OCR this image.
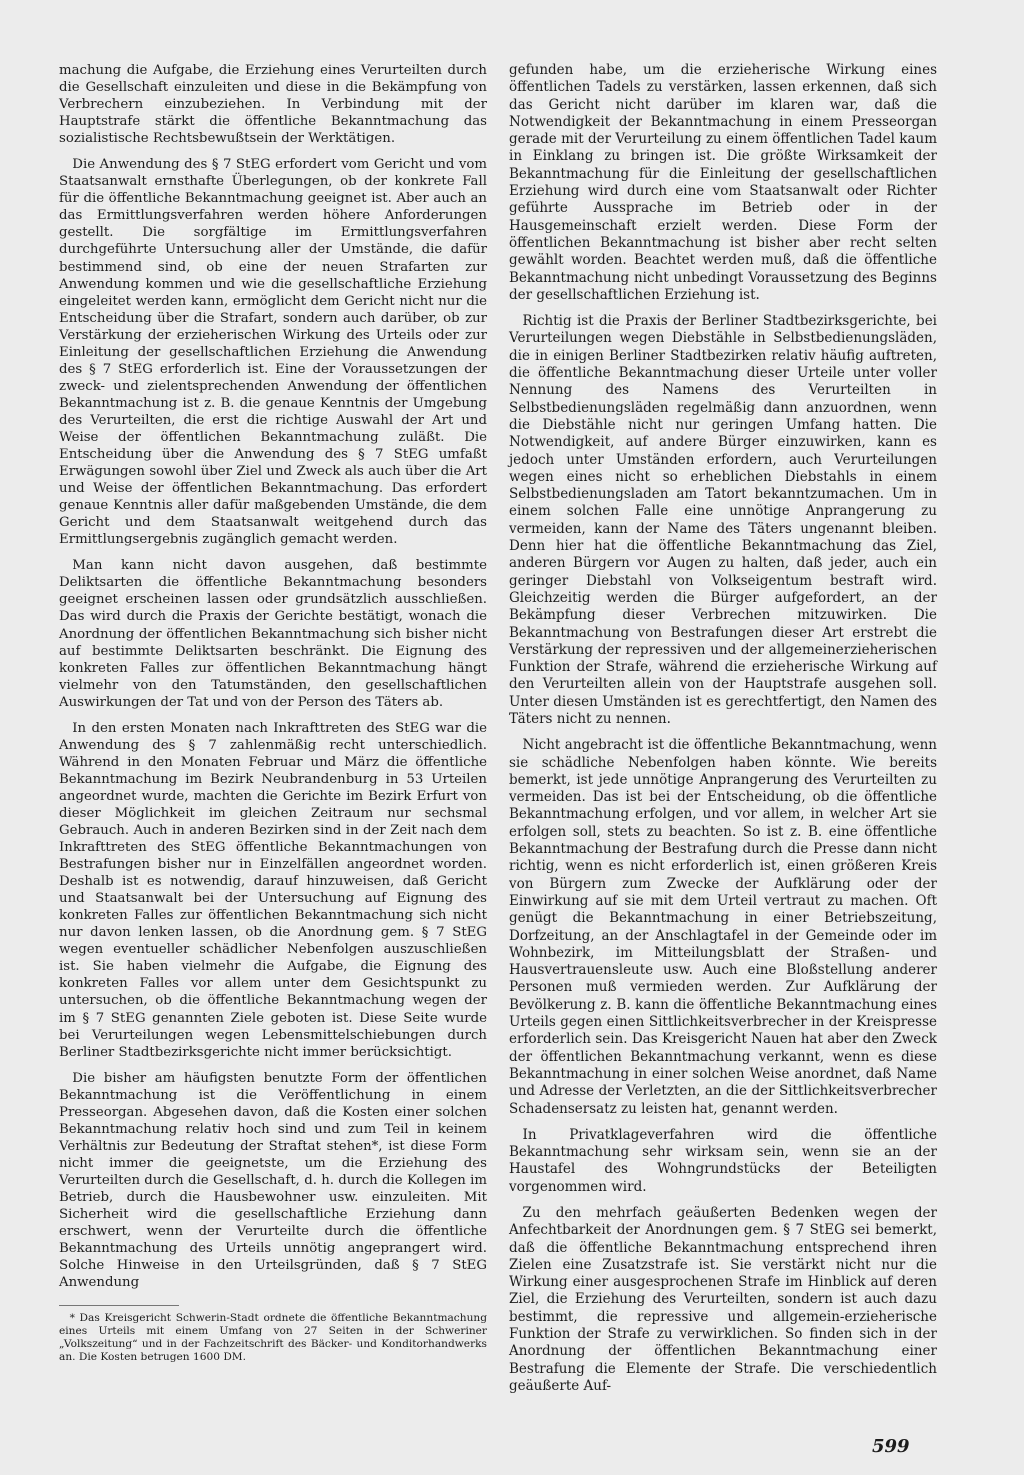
machung die Aufgabe, die Erziehung eines Verurteilten durch die Gesellschaft einzuleiten und diese in die Bekämpfung von Verbrechern einzubeziehen. In Verbindung mit der Hauptstrafe stärkt die öffentliche Bekanntmachung das sozialistische Rechtsbewußtsein der Werktätigen.

Die Anwendung des § 7 StEG erfordert vom Gericht und vom Staatsanwalt ernsthafte Überlegungen, ob der konkrete Fall für die öffentliche Bekanntmachung geeignet ist. Aber auch an das Ermittlungsverfahren werden höhere Anforderungen gestellt. Die sorgfältige im Ermittlungsverfahren durchgeführte Untersuchung aller der Umstände, die dafür bestimmend sind, ob eine der neuen Strafarten zur Anwendung kommen und wie die gesellschaftliche Erziehung eingeleitet werden kann, ermöglicht dem Gericht nicht nur die Entscheidung über die Strafart, sondern auch darüber, ob zur Verstärkung der erzieherischen Wirkung des Urteils oder zur Einleitung der gesellschaftlichen Erziehung die Anwendung des § 7 StEG erforderlich ist. Eine der Voraussetzungen der zweck- und zielentsprechenden Anwendung der öffentlichen Bekanntmachung ist z. B. die genaue Kenntnis der Umgebung des Verurteilten, die erst die richtige Auswahl der Art und Weise der öffentlichen Bekanntmachung zuläßt. Die Entscheidung über die Anwendung des § 7 StEG umfaßt Erwägungen sowohl über Ziel und Zweck als auch über die Art und Weise der öffentlichen Bekanntmachung. Das erfordert genaue Kenntnis aller dafür maßgebenden Umstände, die dem Gericht und dem Staatsanwalt weitgehend durch das Ermittlungsergebnis zugänglich gemacht werden.

Man kann nicht davon ausgehen, daß bestimmte Deliktsarten die öffentliche Bekanntmachung besonders geeignet erscheinen lassen oder grundsätzlich ausschließen. Das wird durch die Praxis der Gerichte bestätigt, wonach die Anordnung der öffentlichen Bekanntmachung sich bisher nicht auf bestimmte Deliktsarten beschränkt. Die Eignung des konkreten Falles zur öffentlichen Bekanntmachung hängt vielmehr von den Tatumständen, den gesellschaftlichen Auswirkungen der Tat und von der Person des Täters ab.

In den ersten Monaten nach Inkrafttreten des StEG war die Anwendung des § 7 zahlenmäßig recht unterschiedlich. Während in den Monaten Februar und März die öffentliche Bekanntmachung im Bezirk Neubrandenburg in 53 Urteilen angeordnet wurde, machten die Gerichte im Bezirk Erfurt von dieser Möglichkeit im gleichen Zeitraum nur sechsmal Gebrauch. Auch in anderen Bezirken sind in der Zeit nach dem Inkrafttreten des StEG öffentliche Bekanntmachungen von Bestrafungen bisher nur in Einzelfällen angeordnet worden. Deshalb ist es notwendig, darauf hinzuweisen, daß Gericht und Staatsanwalt bei der Untersuchung auf Eignung des konkreten Falles zur öffentlichen Bekanntmachung sich nicht nur davon lenken lassen, ob die Anordnung gem. § 7 StEG wegen eventueller schädlicher Nebenfolgen auszuschließen ist. Sie haben vielmehr die Aufgabe, die Eignung des konkreten Falles vor allem unter dem Gesichtspunkt zu untersuchen, ob die öffentliche Bekanntmachung wegen der im § 7 StEG genannten Ziele geboten ist. Diese Seite wurde bei Verurteilungen wegen Lebensmittelschiebungen durch Berliner Stadtbezirksgerichte nicht immer berücksichtigt.

Die bisher am häufigsten benutzte Form der öffentlichen Bekanntmachung ist die Veröffentlichung in einem Presseorgan. Abgesehen davon, daß die Kosten einer solchen Bekanntmachung relativ hoch sind und zum Teil in keinem Verhältnis zur Bedeutung der Straftat stehen*, ist diese Form nicht immer die geeignetste, um die Erziehung des Verurteilten durch die Gesellschaft, d. h. durch die Kollegen im Betrieb, durch die Hausbewohner usw. einzuleiten. Mit Sicherheit wird die gesellschaftliche Erziehung dann erschwert, wenn der Verurteilte durch die öffentliche Bekanntmachung des Urteils unnötig angeprangert wird. Solche Hinweise in den Urteilsgründen, daß § 7 StEG Anwendung

* Das Kreisgericht Schwerin-Stadt ordnete die öffentliche Bekanntmachung eines Urteils mit einem Umfang von 27 Seiten in der Schweriner „Volkszeitung“ und in der Fachzeitschrift des Bäcker- und Konditorhandwerks an. Die Kosten betrugen 1600 DM.

gefunden habe, um die erzieherische Wirkung eines öffentlichen Tadels zu verstärken, lassen erkennen, daß sich das Gericht nicht darüber im klaren war, daß die Notwendigkeit der Bekanntmachung in einem Presseorgan gerade mit der Verurteilung zu einem öffentlichen Tadel kaum in Einklang zu bringen ist. Die größte Wirksamkeit der Bekanntmachung für die Einleitung der gesellschaftlichen Erziehung wird durch eine vom Staatsanwalt oder Richter geführte Aussprache im Betrieb oder in der Hausgemeinschaft erzielt werden. Diese Form der öffentlichen Bekanntmachung ist bisher aber recht selten gewählt worden. Beachtet werden muß, daß die öffentliche Bekanntmachung nicht unbedingt Voraussetzung des Beginns der gesellschaftlichen Erziehung ist.

Richtig ist die Praxis der Berliner Stadtbezirksgerichte, bei Verurteilungen wegen Diebstähle in Selbstbedienungsläden, die in einigen Berliner Stadtbezirken relativ häufig auftreten, die öffentliche Bekanntmachung dieser Urteile unter voller Nennung des Namens des Verurteilten in Selbstbedienungsläden regelmäßig dann anzuordnen, wenn die Diebstähle nicht nur geringen Umfang hatten. Die Notwendigkeit, auf andere Bürger einzuwirken, kann es jedoch unter Umständen erfordern, auch Verurteilungen wegen eines nicht so erheblichen Diebstahls in einem Selbstbedienungsladen am Tatort bekanntzumachen. Um in einem solchen Falle eine unnötige Anprangerung zu vermeiden, kann der Name des Täters ungenannt bleiben. Denn hier hat die öffentliche Bekanntmachung das Ziel, anderen Bürgern vor Augen zu halten, daß jeder, auch ein geringer Diebstahl von Volkseigentum bestraft wird. Gleichzeitig werden die Bürger aufgefordert, an der Bekämpfung dieser Verbrechen mitzuwirken. Die Bekanntmachung von Bestrafungen dieser Art erstrebt die Verstärkung der repressiven und der allgemeinerzieherischen Funktion der Strafe, während die erzieherische Wirkung auf den Verurteilten allein von der Hauptstrafe ausgehen soll. Unter diesen Umständen ist es gerechtfertigt, den Namen des Täters nicht zu nennen.

Nicht angebracht ist die öffentliche Bekanntmachung, wenn sie schädliche Nebenfolgen haben könnte. Wie bereits bemerkt, ist jede unnötige Anprangerung des Verurteilten zu vermeiden. Das ist bei der Entscheidung, ob die öffentliche Bekanntmachung erfolgen, und vor allem, in welcher Art sie erfolgen soll, stets zu beachten. So ist z. B. eine öffentliche Bekanntmachung der Bestrafung durch die Presse dann nicht richtig, wenn es nicht erforderlich ist, einen größeren Kreis von Bürgern zum Zwecke der Aufklärung oder der Einwirkung auf sie mit dem Urteil vertraut zu machen. Oft genügt die Bekanntmachung in einer Betriebszeitung, Dorfzeitung, an der Anschlagtafel in der Gemeinde oder im Wohnbezirk, im Mitteilungsblatt der Straßen- und Hausvertrauensleute usw. Auch eine Bloßstellung anderer Personen muß vermieden werden. Zur Aufklärung der Bevölkerung z. B. kann die öffentliche Bekanntmachung eines Urteils gegen einen Sittlichkeitsverbrecher in der Kreispresse erforderlich sein. Das Kreisgericht Nauen hat aber den Zweck der öffentlichen Bekanntmachung verkannt, wenn es diese Bekanntmachung in einer solchen Weise anordnet, daß Name und Adresse der Verletzten, an die der Sittlichkeitsverbrecher Schadensersatz zu leisten hat, genannt werden.

In Privatklageverfahren wird die öffentliche Bekanntmachung sehr wirksam sein, wenn sie an der Haustafel des Wohngrundstücks der Beteiligten vorgenommen wird.

Zu den mehrfach geäußerten Bedenken wegen der Anfechtbarkeit der Anordnungen gem. § 7 StEG sei bemerkt, daß die öffentliche Bekanntmachung entsprechend ihren Zielen eine Zusatzstrafe ist. Sie verstärkt nicht nur die Wirkung einer ausgesprochenen Strafe im Hinblick auf deren Ziel, die Erziehung des Verurteilten, sondern ist auch dazu bestimmt, die repressive und allgemein-erzieherische Funktion der Strafe zu verwirklichen. So finden sich in der Anordnung der öffentlichen Bekanntmachung einer Bestrafung die Elemente der Strafe. Die verschiedentlich geäußerte Auf-

599
